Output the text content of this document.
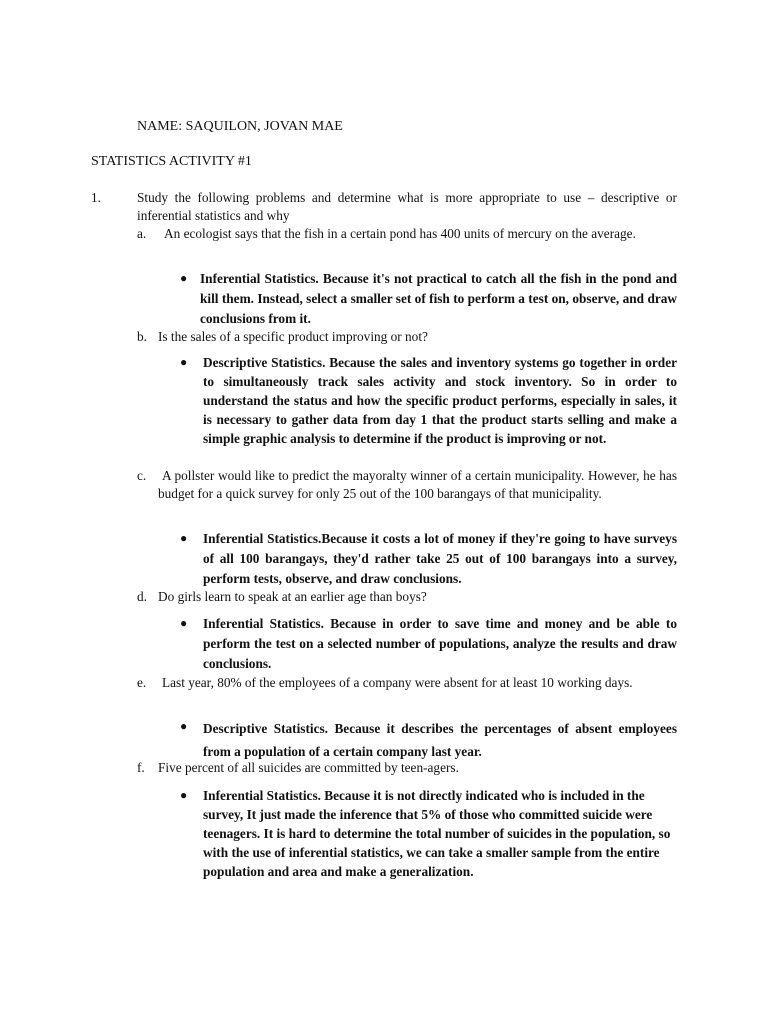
NAME: SAQUILON, JOVAN MAE
STATISTICS ACTIVITY #1
1.	Study the following problems and determine what is more appropriate to use – descriptive or inferential statistics and why
a.	An ecologist says that the fish in a certain pond has 400 units of mercury on the average.
● Inferential Statistics. Because it's not practical to catch all the fish in the pond and kill them. Instead, select a smaller set of fish to perform a test on, observe, and draw conclusions from it.
b. Is the sales of a specific product improving or not?
● Descriptive Statistics. Because the sales and inventory systems go together in order to simultaneously track sales activity and stock inventory. So in order to understand the status and how the specific product performs, especially in sales, it is necessary to gather data from day 1 that the product starts selling and make a simple graphic analysis to determine if the product is improving or not.
c.	A pollster would like to predict the mayoralty winner of a certain municipality. However, he has budget for a quick survey for only 25 out of the 100 barangays of that municipality.
● Inferential Statistics.Because it costs a lot of money if they're going to have surveys of all 100 barangays, they'd rather take 25 out of 100 barangays into a survey, perform tests, observe, and draw conclusions.
d. Do girls learn to speak at an earlier age than boys?
● Inferential Statistics. Because in order to save time and money and be able to perform the test on a selected number of populations, analyze the results and draw conclusions.
e.	Last year, 80% of the employees of a company were absent for at least 10 working days.
● Descriptive Statistics. Because it describes the percentages of absent employees from a population of a certain company last year.
f. Five percent of all suicides are committed by teen-agers.
● Inferential Statistics. Because it is not directly indicated who is included in the survey, It just made the inference that 5% of those who committed suicide were teenagers. It is hard to determine the total number of suicides in the population, so with the use of inferential statistics, we can take a smaller sample from the entire population and area and make a generalization.
